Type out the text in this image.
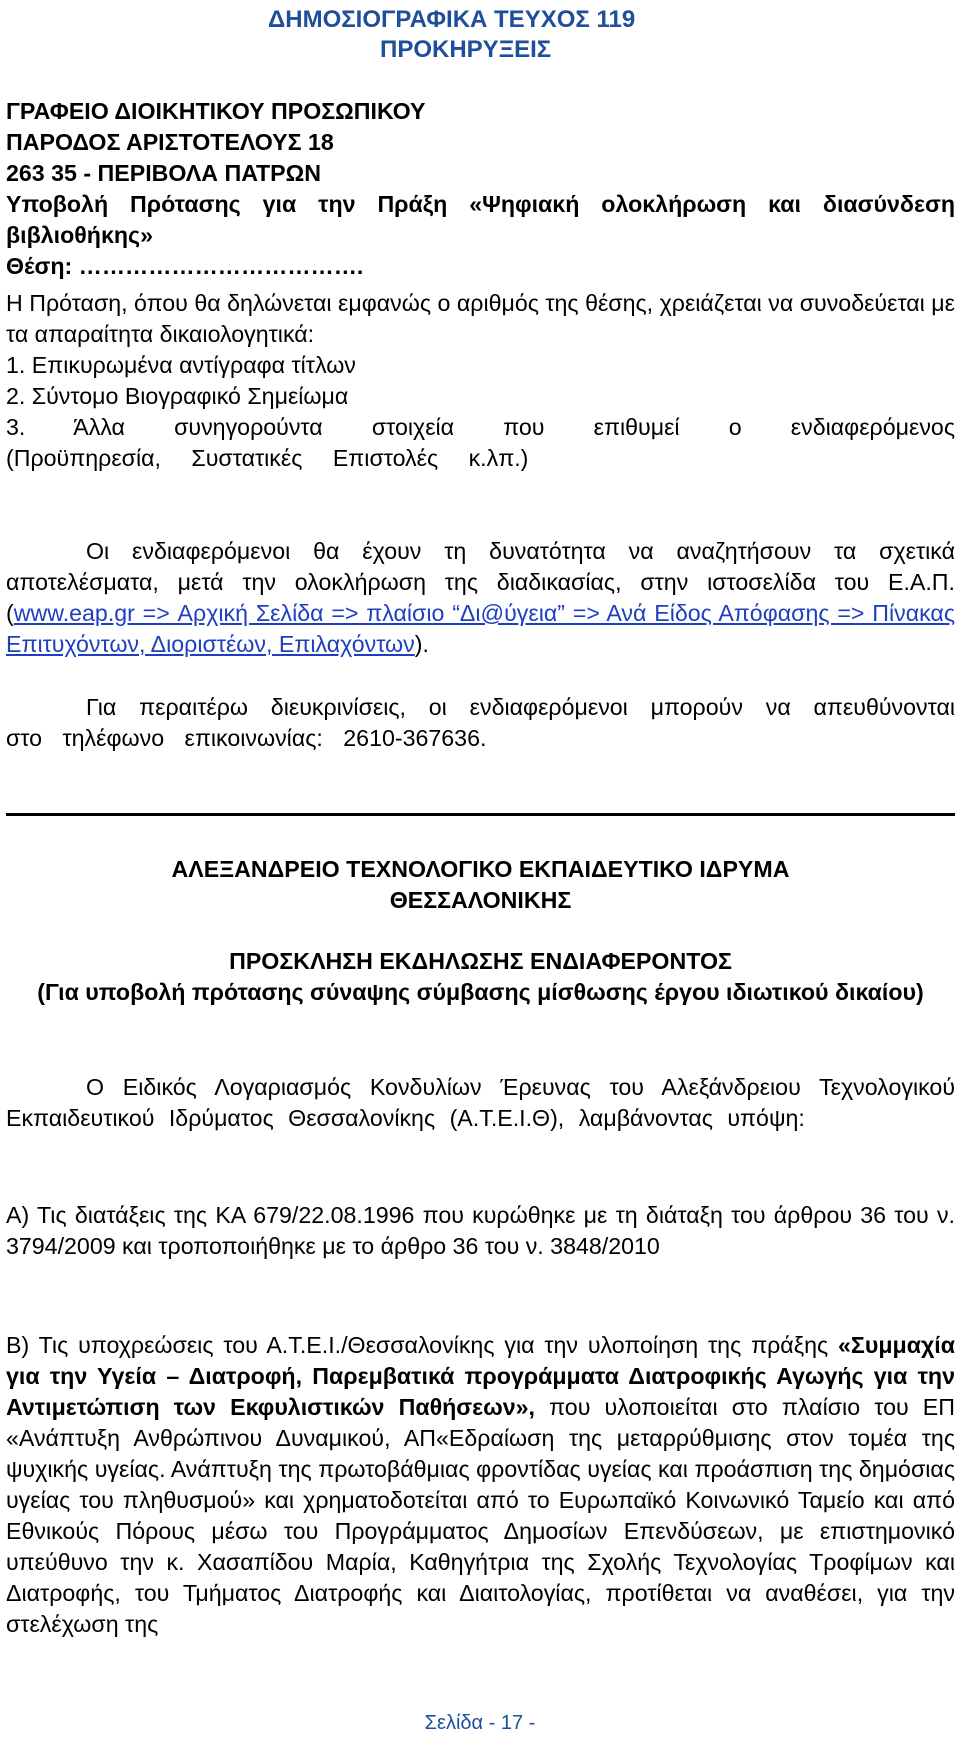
ΔΗΜΟΣΙΟΓΡΑΦΙΚΑ ΤΕΥΧΟΣ 119
ΠΡΟΚΗΡΥΞΕΙΣ

ΓΡΑΦΕΙΟ ΔΙΟΙΚΗΤΙΚΟΥ ΠΡΟΣΩΠΙΚΟΥ

ΠΑΡΟΔΟΣ ΑΡΙΣΤΟΤΕΛΟΥΣ 18

263 35 - ΠΕΡΙΒΟΛΑ ΠΑΤΡΩΝ

Υποβολή Πρότασης για την Πράξη «Ψηφιακή ολοκλήρωση και διασύνδεση βιβλιοθήκης»

Θέση: ……………………………….

Η Πρόταση, όπου θα δηλώνεται εμφανώς ο αριθμός της θέσης, χρειάζεται να συνοδεύεται με τα απαραίτητα δικαιολογητικά:

1. Επικυρωμένα αντίγραφα τίτλων

2. Σύντομο Βιογραφικό Σημείωμα

3. Άλλα συνηγορούντα στοιχεία που επιθυμεί ο ενδιαφερόμενος (Προϋπηρεσία, Συστατικές Επιστολές κ.λπ.)

Οι ενδιαφερόμενοι θα έχουν τη δυνατότητα να αναζητήσουν τα σχετικά αποτελέσματα, μετά την ολοκλήρωση της διαδικασίας, στην ιστοσελίδα του Ε.Α.Π. (www.eap.gr => Αρχική Σελίδα => πλαίσιο “Δι@ύγεια” => Ανά Είδος Απόφασης => Πίνακας Επιτυχόντων, Διοριστέων, Επιλαχόντων).
Για περαιτέρω διευκρινίσεις, οι ενδιαφερόμενοι μπορούν να απευθύνονται στο τηλέφωνο επικοινωνίας: 2610-367636.

ΑΛΕΞΑΝΔΡΕΙΟ ΤΕΧΝΟΛΟΓΙΚΟ ΕΚΠΑΙΔΕΥΤΙΚΟ ΙΔΡΥΜΑ

ΘΕΣΣΑΛΟΝΙΚΗΣ

ΠΡΟΣΚΛΗΣΗ ΕΚΔΗΛΩΣΗΣ ΕΝΔΙΑΦΕΡΟΝΤΟΣ

(Για υποβολή πρότασης σύναψης σύμβασης μίσθωσης έργου ιδιωτικού δικαίου)

Ο Ειδικός Λογαριασμός Κονδυλίων Έρευνας του Αλεξάνδρειου Τεχνολογικού Εκπαιδευτικού Ιδρύματος Θεσσαλονίκης (Α.Τ.Ε.Ι.Θ), λαμβάνοντας υπόψη:
Α) Τις διατάξεις της ΚΑ 679/22.08.1996 που κυρώθηκε με τη διάταξη του άρθρου 36 του ν. 3794/2009 και τροποποιήθηκε με το άρθρο 36 του ν. 3848/2010
Β) Τις υποχρεώσεις του Α.Τ.Ε.Ι./Θεσσαλονίκης για την υλοποίηση της πράξης «Συμμαχία για την Υγεία – Διατροφή, Παρεμβατικά προγράμματα Διατροφικής Αγωγής για την Αντιμετώπιση των Εκφυλιστικών Παθήσεων», που υλοποιείται στο πλαίσιο του ΕΠ «Ανάπτυξη Ανθρώπινου Δυναμικού, ΑΠ«Εδραίωση της μεταρρύθμισης στον τομέα της ψυχικής υγείας. Ανάπτυξη της πρωτοβάθμιας φροντίδας υγείας και προάσπιση της δημόσιας υγείας του πληθυσμού» και χρηματοδοτείται από το Ευρωπαϊκό Κοινωνικό Ταμείο και από Εθνικούς Πόρους μέσω του Προγράμματος Δημοσίων Επενδύσεων, με επιστημονικό υπεύθυνο την κ. Χασαπίδου Μαρία, Καθηγήτρια της Σχολής Τεχνολογίας Τροφίμων και Διατροφής, του Τμήματος Διατροφής και Διαιτολογίας, προτίθεται να αναθέσει, για την στελέχωση της
Σελίδα - 17 -
